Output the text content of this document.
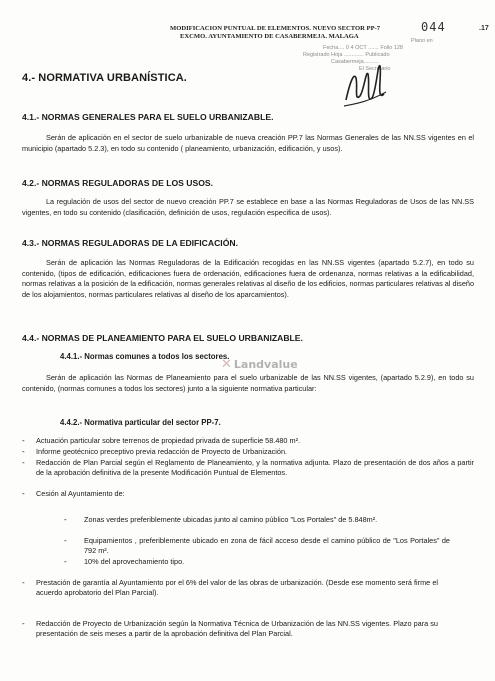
MODIFICACION PUNTUAL DE ELEMENTOS. NUEVO SECTOR PP-7
EXCMO. AYUNTAMIENTO DE CASABERMEJA. MALAGA
044	.17
Plano en
Fecha.... 0 4 OCT ....... Folio 128
Registrado Hoja ............. Publicado
Casabermeja..........
El Secretario
4.- NORMATIVA URBANÍSTICA.
4.1.- NORMAS GENERALES PARA EL SUELO URBANIZABLE.
Serán de aplicación en el sector de suelo urbanizable de nueva creación PP.7 las Normas Generales de las NN.SS vigentes en el municipio (apartado 5.2.3), en todo su contenido ( planeamiento, urbanización, edificación, y usos).
4.2.- NORMAS REGULADORAS DE LOS USOS.
La regulación de usos del sector de nuevo creación PP.7 se establece en base a las Normas Reguladoras de Usos de las NN.SS vigentes, en todo su contenido (clasificación, definición de usos, regulación especifica de usos).
4.3.- NORMAS REGULADORAS DE LA EDIFICACIÓN.
Serán de aplicación las Normas Reguladoras de la Edificación recogidas en las NN.SS vigentes (apartado 5.2.7), en todo su contenido, (tipos de edificación, edificaciones fuera de ordenación, edificaciones fuera de ordenanza, normas relativas a la edificabilidad, normas relativas a la posición de la edificación, normas generales relativas al diseño de los edificios, normas particulares relativas al diseño de los alojamientos, normas particulares relativas al diseño de los aparcamientos).
4.4.- NORMAS DE PLANEAMIENTO PARA EL SUELO URBANIZABLE.
4.4.1.- Normas comunes a todos los sectores.
✕ Landvalue
Serán de aplicación las Normas de Planeamiento para el suelo urbanizable de las NN.SS vigentes, (apartado 5.2.9), en todo su contenido, (normas comunes a todos los sectores) junto a la siguiente normativa particular:
4.4.2.- Normativa particular del sector PP-7.
- Actuación particular sobre terrenos de propiedad privada de superficie 58.480 m².
- Informe geotécnico preceptivo previa redacción de Proyecto de Urbanización.
- Redacción de Plan Parcial según el Reglamento de Planeamiento, y la normativa adjunta. Plazo de presentación de dos años a partir de la aprobación definitiva de la presente Modificación Puntual de Elementos.
- Cesión al Ayuntamiento de:
- Zonas verdes preferiblemente ubicadas junto al camino público "Los Portales" de 5.848m².
- Equipamientos , preferiblemente ubicado en zona de fácil acceso desde el camino público de "Los Portales" de 792 m².
- 10% del aprovechamiento tipo.
- Prestación de garantía al Ayuntamiento por el 6% del valor de las obras de urbanización. (Desde ese momento será firme el acuerdo aprobatorio del Plan Parcial).
- Redacción de Proyecto de Urbanización según la Normativa Técnica de Urbanización de las NN.SS vigentes. Plazo para su presentación de seis meses a partir de la aprobación definitiva del Plan Parcial.
